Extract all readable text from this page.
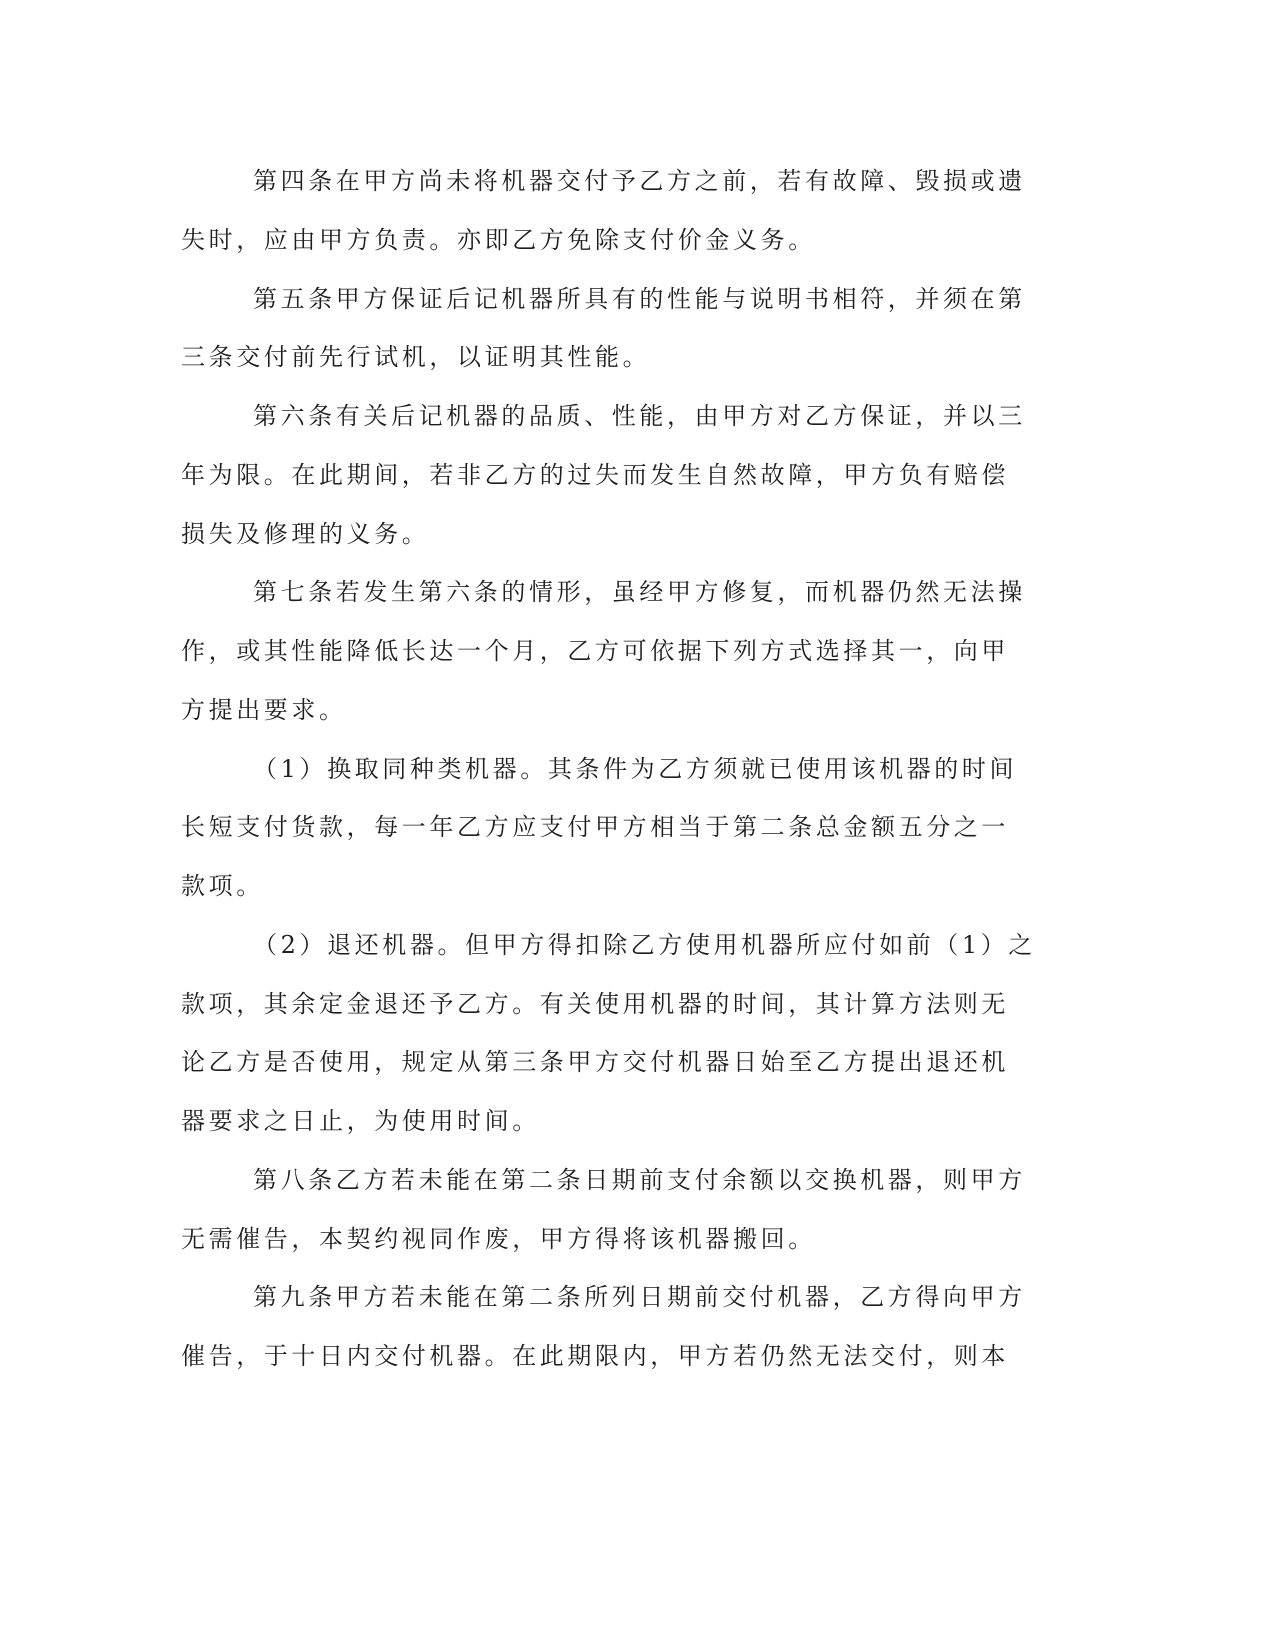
第四条在甲方尚未将机器交付予乙方之前，若有故障、毁损或遗
失时，应由甲方负责。亦即乙方免除支付价金义务。
第五条甲方保证后记机器所具有的性能与说明书相符，并须在第
三条交付前先行试机，以证明其性能。
第六条有关后记机器的品质、性能，由甲方对乙方保证，并以三
年为限。在此期间，若非乙方的过失而发生自然故障，甲方负有赔偿
损失及修理的义务。
第七条若发生第六条的情形，虽经甲方修复，而机器仍然无法操
作，或其性能降低长达一个月，乙方可依据下列方式选择其一，向甲
方提出要求。
（1）换取同种类机器。其条件为乙方须就已使用该机器的时间
长短支付货款，每一年乙方应支付甲方相当于第二条总金额五分之一
款项。
（2）退还机器。但甲方得扣除乙方使用机器所应付如前（1）之
款项，其余定金退还予乙方。有关使用机器的时间，其计算方法则无
论乙方是否使用，规定从第三条甲方交付机器日始至乙方提出退还机
器要求之日止，为使用时间。
第八条乙方若未能在第二条日期前支付余额以交换机器，则甲方
无需催告，本契约视同作废，甲方得将该机器搬回。
第九条甲方若未能在第二条所列日期前交付机器，乙方得向甲方
催告，于十日内交付机器。在此期限内，甲方若仍然无法交付，则本
